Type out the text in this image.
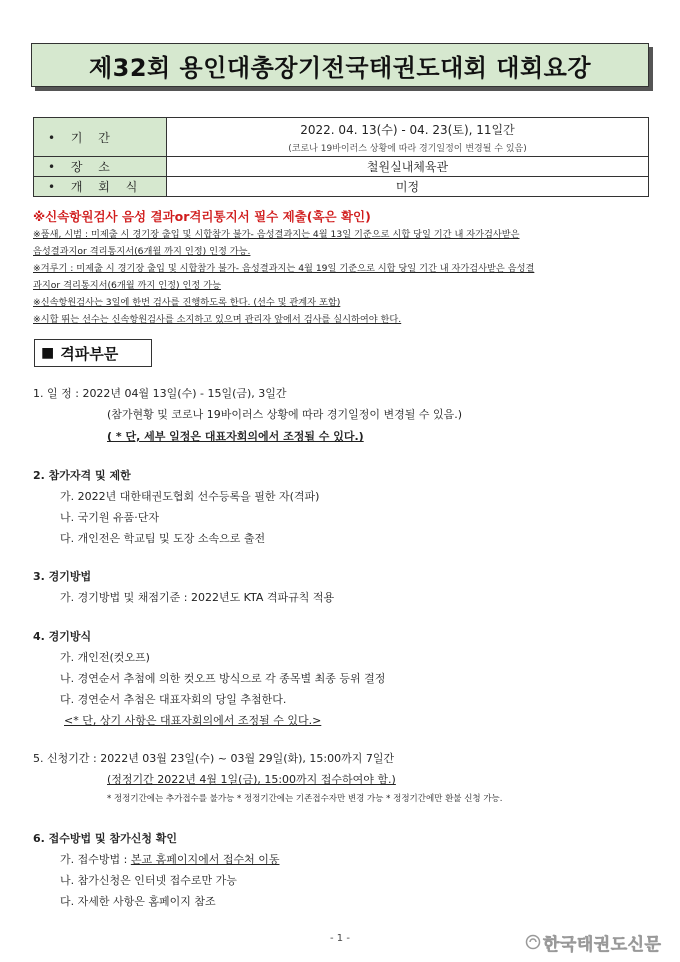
제32회 용인대총장기전국태권도대회 대회요강
• 기 간	2022. 04. 13(수) - 04. 23(토), 11일간
(코로나 19바이러스 상황에 따라 경기일정이 변경될 수 있음)

• 장 소	철원실내체육관
• 개 회 식	미정
※신속항원검사 음성 결과or격리통지서 필수 제출(혹은 확인)
※품새, 시범 : 미제출 시 경기장 출입 및 시합참가 불가- 음성결과지는 4월 13일 기준으로 시합 당일 기간 내 자가검사받은
음성결과지or 격리통지서(6개월 까지 인정) 인정 가능.
※겨루기 : 미제출 시 경기장 출입 및 시합참가 불가- 음성결과지는 4월 19일 기준으로 시합 당일 기간 내 자가검사받은 음성결
과지or 격리통지서(6개월 까지 인정) 인정 가능
※신속항원검사는 3일에 한번 검사를 진행하도록 한다. (선수 및 관계자 포함)
※시합 뛰는 선수는 신속항원검사를 소지하고 있으며 관리자 앞에서 검사를 실시하여야 한다.
■ 격파부문
1. 일 정 : 2022년 04월 13일(수) - 15일(금), 3일간
(참가현황 및 코로나 19바이러스 상황에 따라 경기일정이 변경될 수 있음.)
( * 단, 세부 일정은 대표자회의에서 조정될 수 있다.)
2. 참가자격 및 제한
가. 2022년 대한태권도협회 선수등록을 필한 자(격파)
나. 국기원 유품·단자
다. 개인전은 학교팀 및 도장 소속으로 출전
3. 경기방법
가. 경기방법 및 채점기준 : 2022년도 KTA 격파규칙 적용
4. 경기방식
가. 개인전(컷오프)
나. 경연순서 추첨에 의한 컷오프 방식으로 각 종목별 최종 등위 결정
다. 경연순서 추첨은 대표자회의 당일 추첨한다.
<* 단, 상기 사항은 대표자회의에서 조정될 수 있다.>
5. 신청기간 : 2022년 03월 23일(수) ~ 03월 29일(화), 15:00까지 7일간
(정정기간 2022년 4월 1일(금), 15:00까지 접수하여야 함.)
* 정정기간에는 추가접수를 불가능 * 정정기간에는 기존접수자만 변경 가능 * 정정기간에만 환불 신청 가능.
6. 접수방법 및 참가신청 확인
가. 접수방법 : 본교 홈페이지에서 접수처 이동
나. 참가신청은 인터넷 접수로만 가능
다. 자세한 사항은 홈페이지 참조
- 1 -	한국태권도신문
